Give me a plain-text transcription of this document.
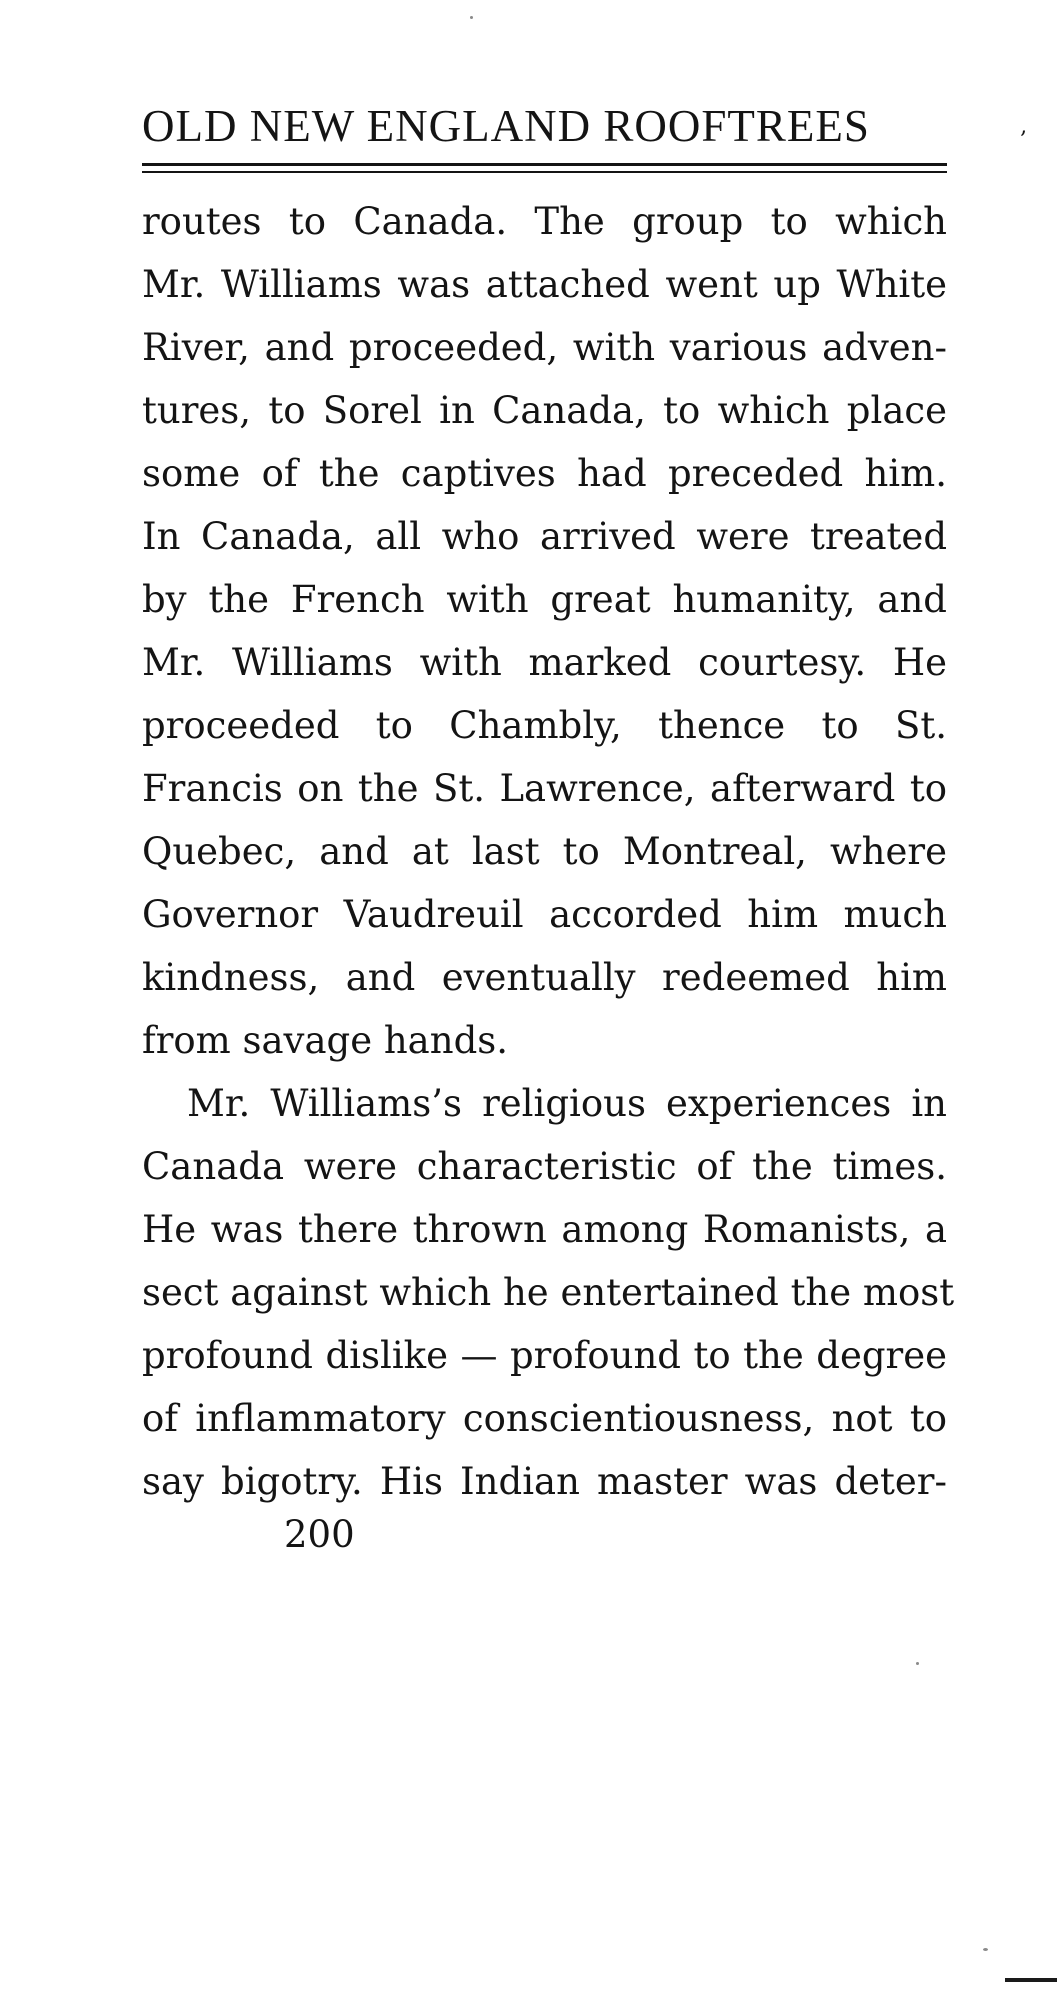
OLD NEW ENGLAND ROOFTREES	‚
routes to Canada. The group to which
Mr. Williams was attached went up White
River, and proceeded, with various adven-
tures, to Sorel in Canada, to which place
some of the captives had preceded him.
In Canada, all who arrived were treated
by the French with great humanity, and
Mr. Williams with marked courtesy. He
proceeded to Chambly, thence to St.
Francis on the St. Lawrence, afterward to
Quebec, and at last to Montreal, where
Governor Vaudreuil accorded him much
kindness, and eventually redeemed him
from savage hands.
Mr. Williams’s religious experiences in
Canada were characteristic of the times.
He was there thrown among Romanists, a
sect against which he entertained the most
profound dislike — profound to the degree
of inflammatory conscientiousness, not to
say bigotry. His Indian master was deter-
200
